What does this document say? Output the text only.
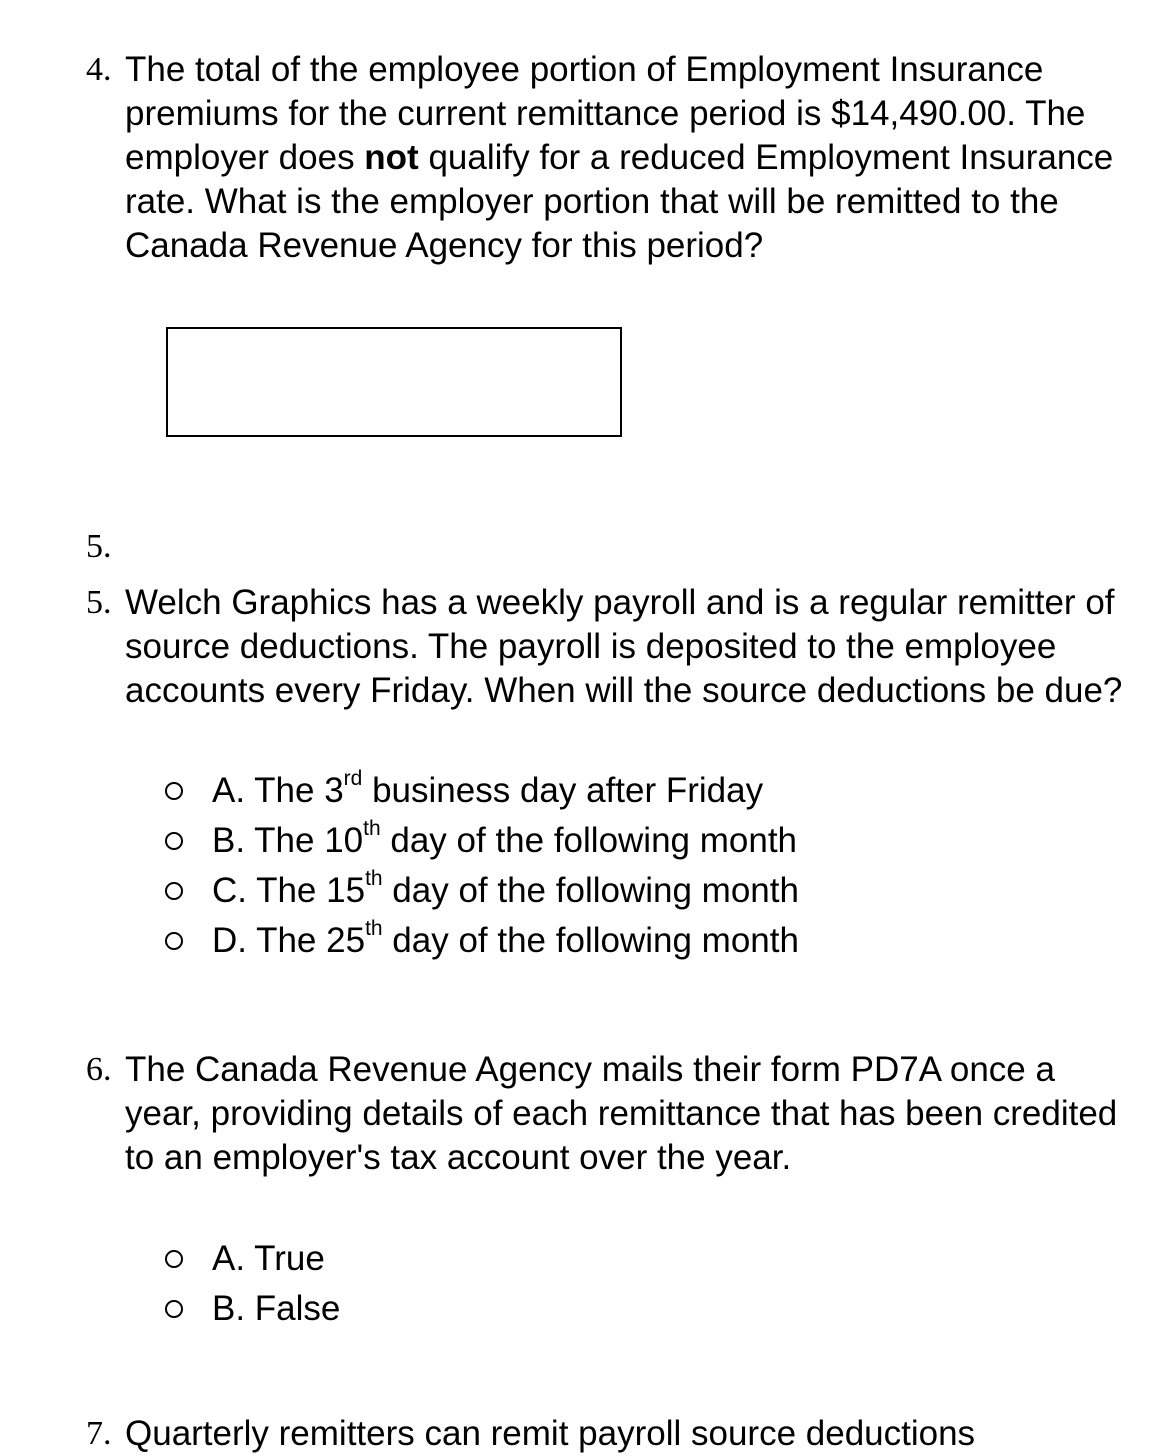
4. The total of the employee portion of Employment Insurance premiums for the current remittance period is $14,490.00. The employer does not qualify for a reduced Employment Insurance rate. What is the employer portion that will be remitted to the Canada Revenue Agency for this period?
5.
5. Welch Graphics has a weekly payroll and is a regular remitter of source deductions. The payroll is deposited to the employee accounts every Friday. When will the source deductions be due?
A. The 3rd business day after Friday
B. The 10th day of the following month
C. The 15th day of the following month
D. The 25th day of the following month
6. The Canada Revenue Agency mails their form PD7A once a year, providing details of each remittance that has been credited to an employer's tax account over the year.
A. True
B. False
7. Quarterly remitters can remit payroll source deductions
